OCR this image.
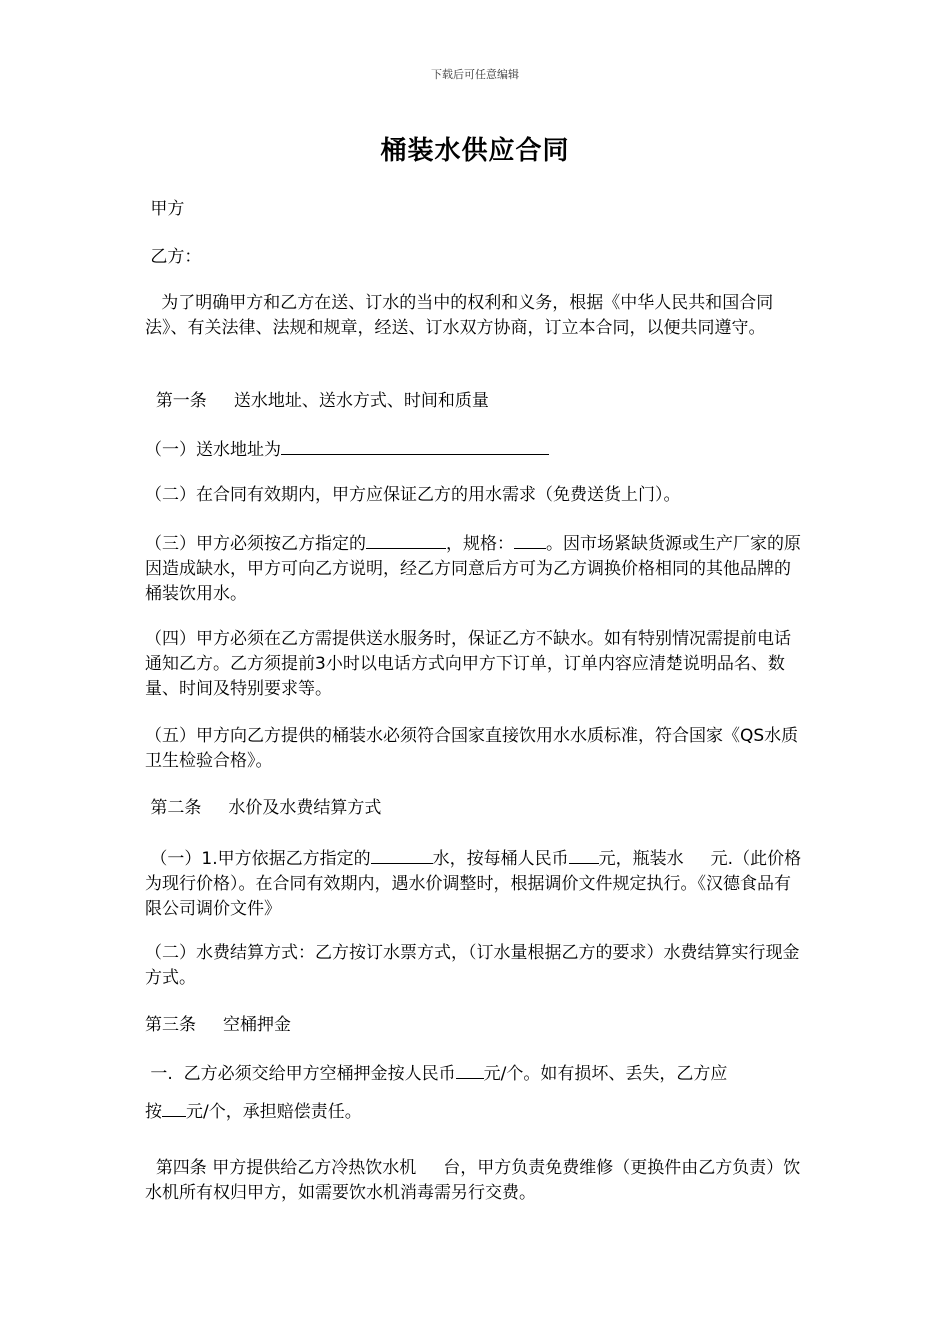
下载后可任意编辑
桶装水供应合同
甲方
乙方：
为了明确甲方和乙方在送、订水的当中的权利和义务，根据《中华人民共和国合同法》、有关法律、法规和规章，经送、订水双方协商，订立本合同，以便共同遵守。
第一条     送水地址、送水方式、时间和质量
（一）送水地址为
（二）在合同有效期内，甲方应保证乙方的用水需求（免费送货上门）。
（三）甲方必须按乙方指定的	，规格： 。因市场紧缺货源或生产厂家的原因造成缺水，甲方可向乙方说明，经乙方同意后方可为乙方调换价格相同的其他品牌的桶装饮用水。
（四）甲方必须在乙方需提供送水服务时，保证乙方不缺水。如有特别情况需提前电话通知乙方。乙方须提前3小时以电话方式向甲方下订单，订单内容应清楚说明品名、数量、时间及特别要求等。
（五）甲方向乙方提供的桶装水必须符合国家直接饮用水水质标准，符合国家《QS水质卫生检验合格》。
第二条     水价及水费结算方式
（一）1.甲方依据乙方指定的	水，按每桶人民币 元，瓶装水     元.（此价格为现行价格）。在合同有效期内，遇水价调整时，根据调价文件规定执行。《汉德食品有限公司调价文件》
（二）水费结算方式：乙方按订水票方式，（订水量根据乙方的要求）水费结算实行现金方式。
第三条     空桶押金
一.  乙方必须交给甲方空桶押金按人民币 元/个。如有损坏、丢失，乙方应
按 元/个，承担赔偿责任。
第四条 甲方提供给乙方冷热饮水机     台，甲方负责免费维修（更换件由乙方负责）饮水机所有权归甲方，如需要饮水机消毒需另行交费。
